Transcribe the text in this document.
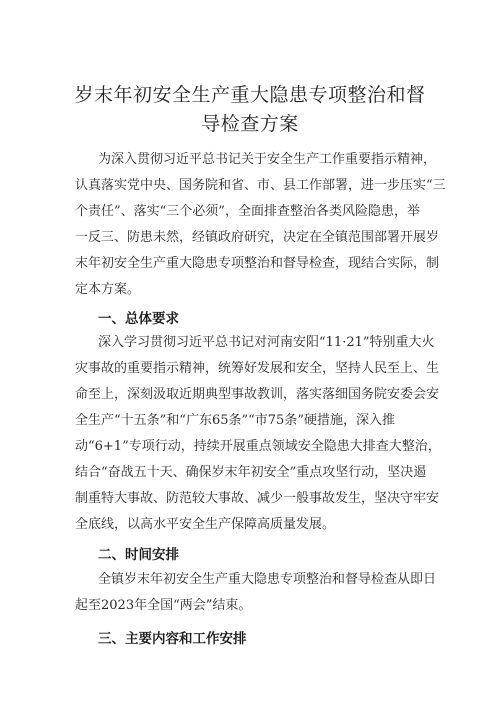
岁末年初安全生产重大隐患专项整治和督
导检查方案
为深入贯彻习近平总书记关于安全生产工作重要指示精神，
认真落实党中央、国务院和省、市、县工作部署，进一步压实“三
个责任”、落实“三个必须”，全面排查整治各类风险隐患，举
一反三、防患未然，经镇政府研究，决定在全镇范围部署开展岁
末年初安全生产重大隐患专项整治和督导检查，现结合实际，制
定本方案。
一、总体要求
深入学习贯彻习近平总书记对河南安阳“11·21”特别重大火
灾事故的重要指示精神，统筹好发展和安全，坚持人民至上、生
命至上，深刻汲取近期典型事故教训，落实落细国务院安委会安
全生产“十五条”和“广东65条”“市75条”硬措施，深入推
动“6+1”专项行动，持续开展重点领域安全隐患大排查大整治，
结合“奋战五十天、确保岁末年初安全”重点攻坚行动，坚决遏
制重特大事故、防范较大事故、减少一般事故发生，坚决守牢安
全底线，以高水平安全生产保障高质量发展。
二、时间安排
全镇岁末年初安全生产重大隐患专项整治和督导检查从即日
起至2023年全国“两会”结束。
三、主要内容和工作安排
